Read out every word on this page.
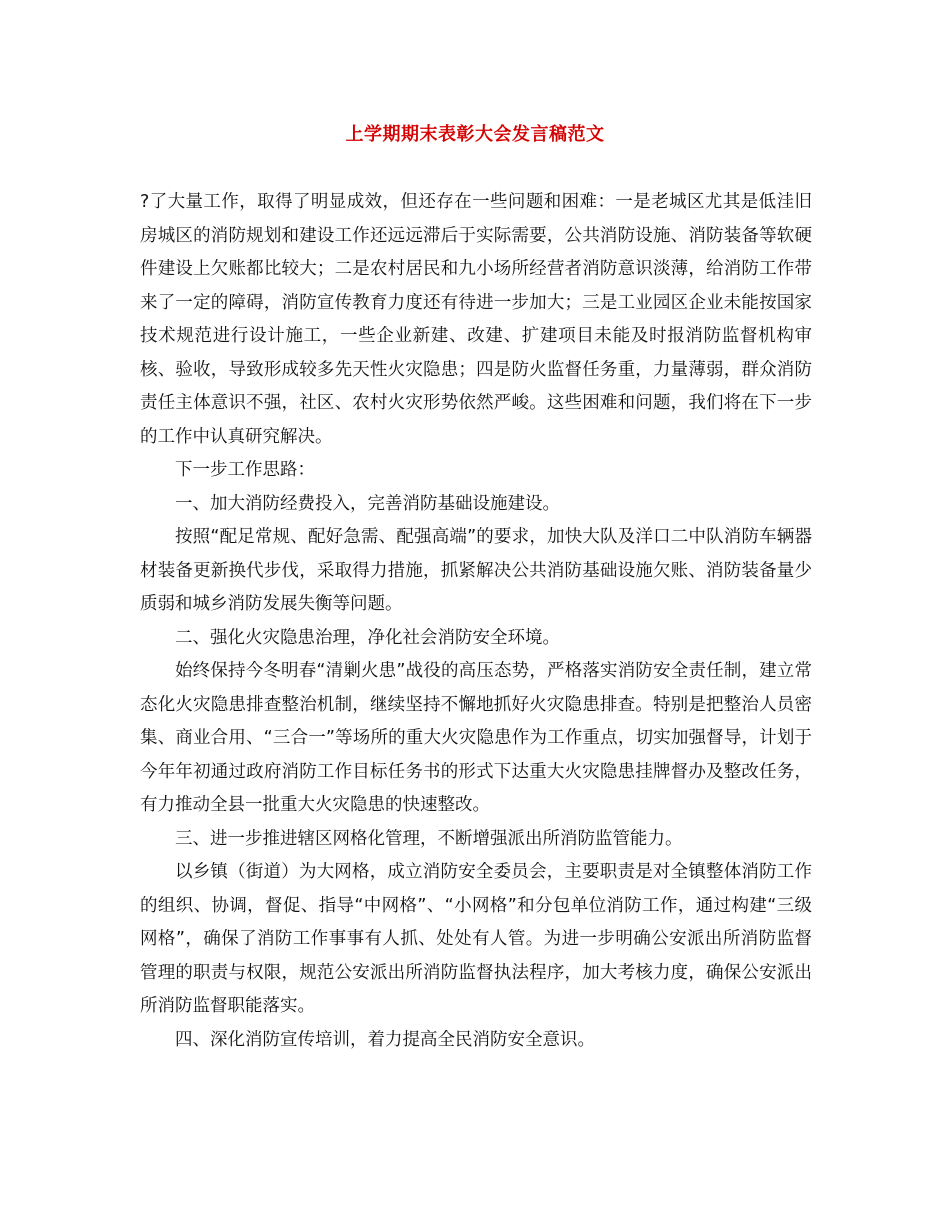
上学期期末表彰大会发言稿范文

?了大量工作，取得了明显成效，但还存在一些问题和困难：一是老城区尤其是低洼旧房城区的消防规划和建设工作还远远滞后于实际需要，公共消防设施、消防装备等软硬件建设上欠账都比较大；二是农村居民和九小场所经营者消防意识淡薄，给消防工作带来了一定的障碍，消防宣传教育力度还有待进一步加大；三是工业园区企业未能按国家技术规范进行设计施工，一些企业新建、改建、扩建项目未能及时报消防监督机构审核、验收，导致形成较多先天性火灾隐患；四是防火监督任务重，力量薄弱，群众消防责任主体意识不强，社区、农村火灾形势依然严峻。这些困难和问题，我们将在下一步的工作中认真研究解决。

下一步工作思路：

一、加大消防经费投入，完善消防基础设施建设。

按照“配足常规、配好急需、配强高端”的要求，加快大队及洋口二中队消防车辆器材装备更新换代步伐，采取得力措施，抓紧解决公共消防基础设施欠账、消防装备量少质弱和城乡消防发展失衡等问题。

二、强化火灾隐患治理，净化社会消防安全环境。

始终保持今冬明春“清剿火患”战役的高压态势，严格落实消防安全责任制，建立常态化火灾隐患排查整治机制，继续坚持不懈地抓好火灾隐患排查。特别是把整治人员密集、商业合用、“三合一”等场所的重大火灾隐患作为工作重点，切实加强督导，计划于今年年初通过政府消防工作目标任务书的形式下达重大火灾隐患挂牌督办及整改任务，有力推动全县一批重大火灾隐患的快速整改。

三、进一步推进辖区网格化管理，不断增强派出所消防监管能力。

以乡镇（街道）为大网格，成立消防安全委员会，主要职责是对全镇整体消防工作的组织、协调，督促、指导“中网格”、“小网格”和分包单位消防工作，通过构建“三级网格”，确保了消防工作事事有人抓、处处有人管。为进一步明确公安派出所消防监督管理的职责与权限，规范公安派出所消防监督执法程序，加大考核力度，确保公安派出所消防监督职能落实。

四、深化消防宣传培训，着力提高全民消防安全意识。
